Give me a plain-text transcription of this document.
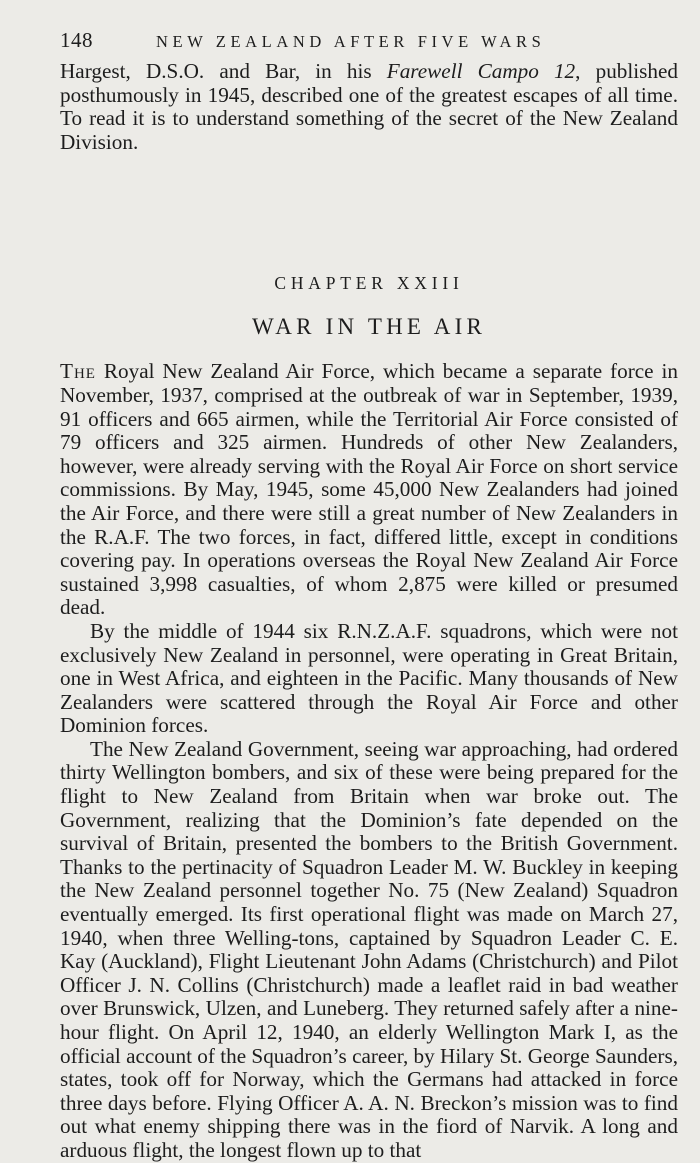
148	NEW ZEALAND AFTER FIVE WARS

Hargest, D.S.O. and Bar, in his Farewell Campo 12, published posthumously in 1945, described one of the greatest escapes of all time. To read it is to understand something of the secret of the New Zealand Division.

CHAPTER XXIII
WAR IN THE AIR

The Royal New Zealand Air Force, which became a separate force in November, 1937, comprised at the outbreak of war in September, 1939, 91 officers and 665 airmen, while the Territorial Air Force consisted of 79 officers and 325 airmen. Hundreds of other New Zealanders, however, were already serving with the Royal Air Force on short service commissions. By May, 1945, some 45,000 New Zealanders had joined the Air Force, and there were still a great number of New Zealanders in the R.A.F. The two forces, in fact, differed little, except in conditions covering pay. In operations overseas the Royal New Zealand Air Force sustained 3,998 casualties, of whom 2,875 were killed or presumed dead.

By the middle of 1944 six R.N.Z.A.F. squadrons, which were not exclusively New Zealand in personnel, were operating in Great Britain, one in West Africa, and eighteen in the Pacific. Many thousands of New Zealanders were scattered through the Royal Air Force and other Dominion forces.

The New Zealand Government, seeing war approaching, had ordered thirty Wellington bombers, and six of these were being prepared for the flight to New Zealand from Britain when war broke out. The Government, realizing that the Dominion’s fate depended on the survival of Britain, presented the bombers to the British Government. Thanks to the pertinacity of Squadron Leader M. W. Buckley in keeping the New Zealand personnel together No. 75 (New Zealand) Squadron eventually emerged. Its first operational flight was made on March 27, 1940, when three Welling-tons, captained by Squadron Leader C. E. Kay (Auckland), Flight Lieutenant John Adams (Christchurch) and Pilot Officer J. N. Collins (Christchurch) made a leaflet raid in bad weather over Brunswick, Ulzen, and Luneberg. They returned safely after a nine-hour flight. On April 12, 1940, an elderly Wellington Mark I, as the official account of the Squadron’s career, by Hilary St. George Saunders, states, took off for Norway, which the Germans had attacked in force three days before. Flying Officer A. A. N. Breckon’s mission was to find out what enemy shipping there was in the fiord of Narvik. A long and arduous flight, the longest flown up to that
